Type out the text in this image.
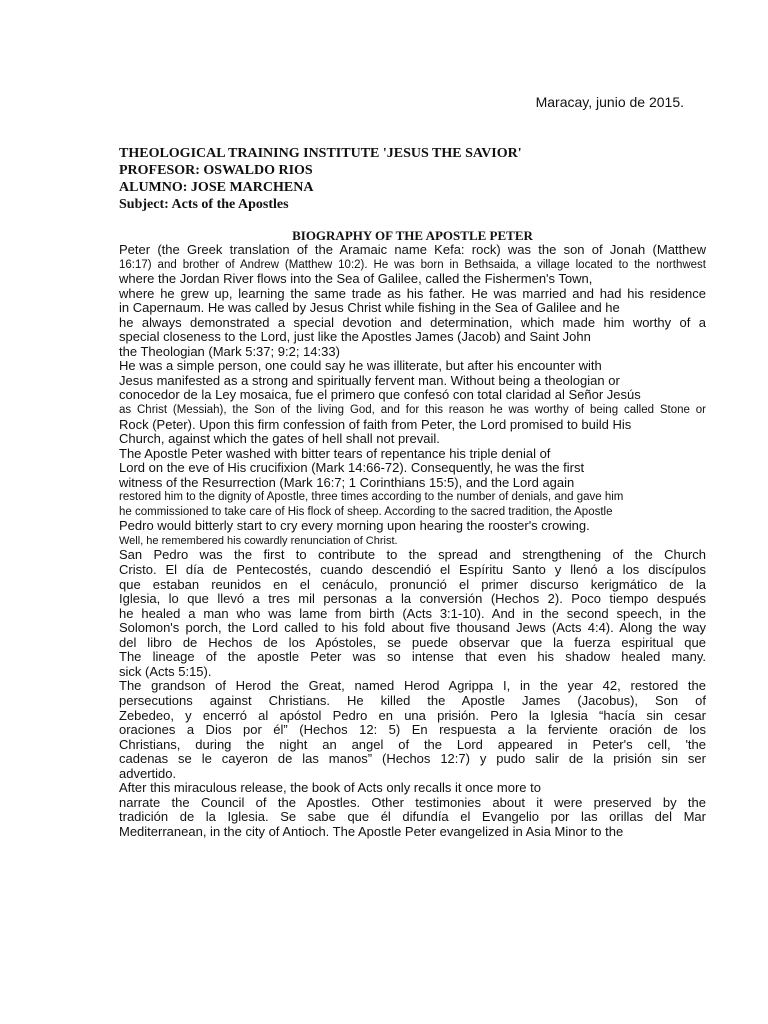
Maracay, junio de 2015.
THEOLOGICAL TRAINING INSTITUTE 'JESUS THE SAVIOR'
PROFESOR: OSWALDO RIOS
ALUMNO: JOSE MARCHENA
Subject: Acts of the Apostles
BIOGRAPHY OF THE APOSTLE PETER
Peter (the Greek translation of the Aramaic name Kefa: rock) was the son of Jonah (Matthew
16:17) and brother of Andrew (Matthew 10:2). He was born in Bethsaida, a village located to the northwest
where the Jordan River flows into the Sea of Galilee, called the Fishermen's Town,
where he grew up, learning the same trade as his father. He was married and had his residence
in Capernaum. He was called by Jesus Christ while fishing in the Sea of Galilee and he
he always demonstrated a special devotion and determination, which made him worthy of a
special closeness to the Lord, just like the Apostles James (Jacob) and Saint John
the Theologian (Mark 5:37; 9:2; 14:33)
He was a simple person, one could say he was illiterate, but after his encounter with
Jesus manifested as a strong and spiritually fervent man. Without being a theologian or
conocedor de la Ley mosaica, fue el primero que confesó con total claridad al Señor Jesús
as Christ (Messiah), the Son of the living God, and for this reason he was worthy of being called Stone or
Rock (Peter). Upon this firm confession of faith from Peter, the Lord promised to build His
Church, against which the gates of hell shall not prevail.
The Apostle Peter washed with bitter tears of repentance his triple denial of
Lord on the eve of His crucifixion (Mark 14:66-72). Consequently, he was the first
witness of the Resurrection (Mark 16:7; 1 Corinthians 15:5), and the Lord again
restored him to the dignity of Apostle, three times according to the number of denials, and gave him
he commissioned to take care of His flock of sheep. According to the sacred tradition, the Apostle
Pedro would bitterly start to cry every morning upon hearing the rooster's crowing.
Well, he remembered his cowardly renunciation of Christ.
San Pedro was the first to contribute to the spread and strengthening of the Church
Cristo. El día de Pentecostés, cuando descendió el Espíritu Santo y llenó a los discípulos
que estaban reunidos en el cenáculo, pronunció el primer discurso kerigmático de la
Iglesia, lo que llevó a tres mil personas a la conversión (Hechos 2). Poco tiempo después
he healed a man who was lame from birth (Acts 3:1-10). And in the second speech, in the
Solomon's porch, the Lord called to his fold about five thousand Jews (Acts 4:4). Along the way
del libro de Hechos de los Apóstoles, se puede observar que la fuerza espiritual que
The lineage of the apostle Peter was so intense that even his shadow healed many.
sick (Acts 5:15).
The grandson of Herod the Great, named Herod Agrippa I, in the year 42, restored the
persecutions against Christians. He killed the Apostle James (Jacobus), Son of
Zebedeo, y encerró al apóstol Pedro en una prisión. Pero la Iglesia “hacía sin cesar
oraciones a Dios por él” (Hechos 12: 5) En respuesta a la ferviente oración de los
Christians, during the night an angel of the Lord appeared in Peter's cell, 'the
cadenas se le cayeron de las manos” (Hechos 12:7) y pudo salir de la prisión sin ser
advertido.
After this miraculous release, the book of Acts only recalls it once more to
narrate the Council of the Apostles. Other testimonies about it were preserved by the
tradición de la Iglesia. Se sabe que él difundía el Evangelio por las orillas del Mar
Mediterranean, in the city of Antioch. The Apostle Peter evangelized in Asia Minor to the
